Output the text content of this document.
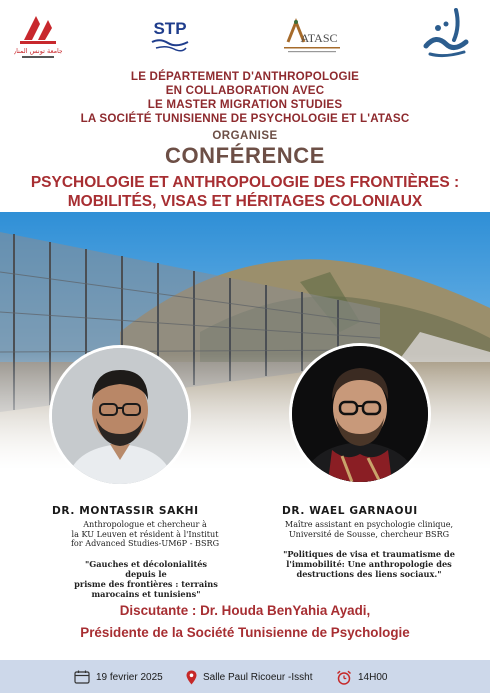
جامعة تونس المنار
STP	ATASC
LE DÉPARTEMENT D'ANTHROPOLOGIE
EN COLLABORATION AVEC
LE MASTER MIGRATION STUDIES
LA SOCIÉTÉ TUNISIENNE DE PSYCHOLOGIE ET L'ATASC
ORGANISE
CONFÉRENCE
PSYCHOLOGIE ET ANTHROPOLOGIE DES FRONTIÈRES :
MOBILITÉS, VISAS ET HÉRITAGES COLONIAUX
DR. MONTASSIR SAKHI
Anthropologue et chercheur à
la KU Leuven et résident à l'Institut
for Advanced Studies-UM6P - BSRG
"Gauches et décolonialités depuis le
prisme des frontières : terrains
marocains et tunisiens"
DR. WAEL GARNAOUI
Maître assistant en psychologie clinique,
Université de Sousse, chercheur BSRG
"Politiques de visa et traumatisme de
l'immobilité: Une anthropologie des
destructions des liens sociaux."
Discutante : Dr. Houda BenYahia Ayadi,
Présidente de la Société Tunisienne de Psychologie
19 fevrier 2025	Salle Paul Ricoeur -Issht	14H00
